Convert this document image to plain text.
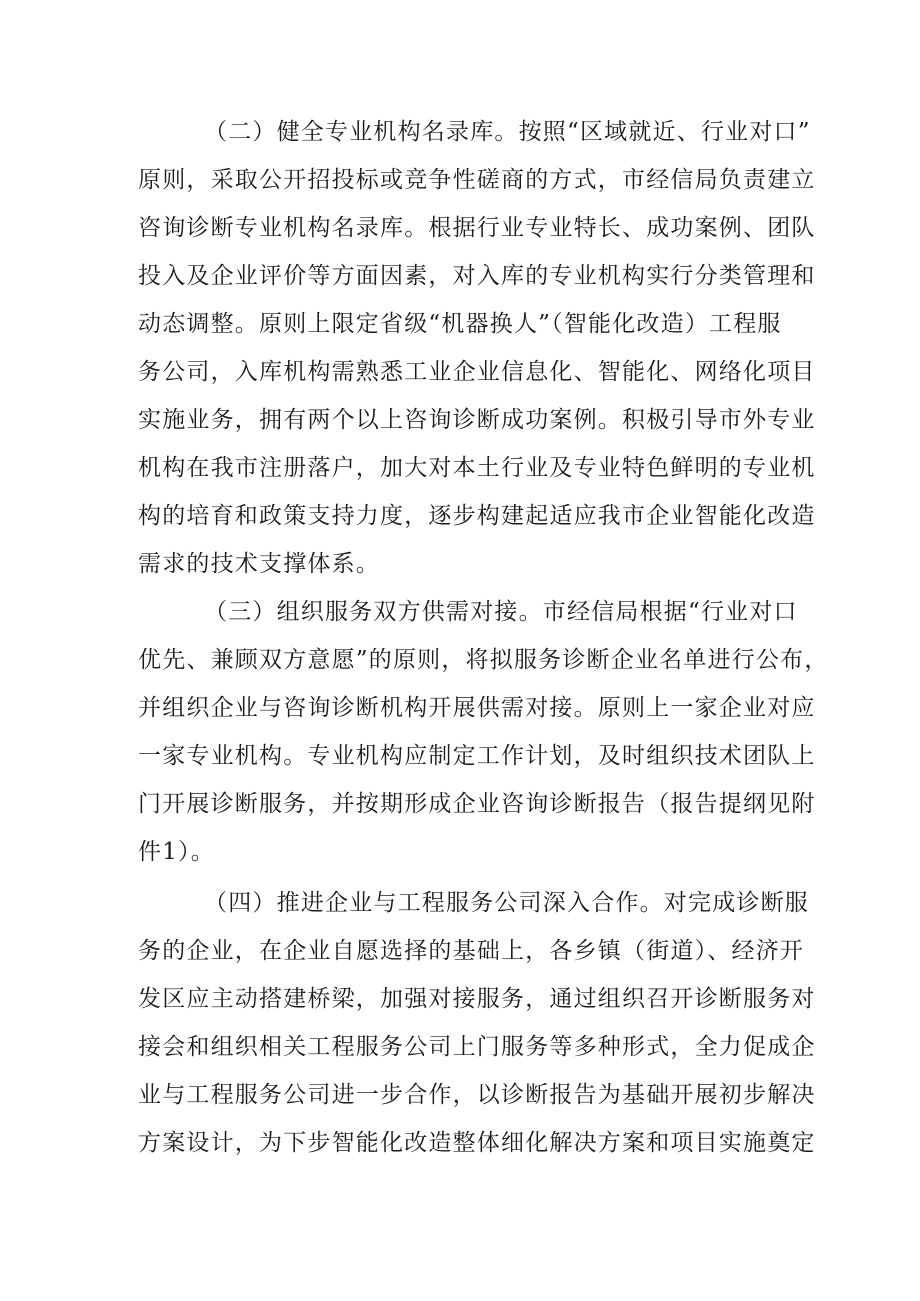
（二）健全专业机构名录库。按照“区域就近、行业对口”
原则，采取公开招投标或竞争性磋商的方式，市经信局负责建立
咨询诊断专业机构名录库。根据行业专业特长、成功案例、团队
投入及企业评价等方面因素，对入库的专业机构实行分类管理和
动态调整。原则上限定省级“机器换人”（智能化改造）工程服
务公司，入库机构需熟悉工业企业信息化、智能化、网络化项目
实施业务，拥有两个以上咨询诊断成功案例。积极引导市外专业
机构在我市注册落户，加大对本土行业及专业特色鲜明的专业机
构的培育和政策支持力度，逐步构建起适应我市企业智能化改造
需求的技术支撑体系。

（三）组织服务双方供需对接。市经信局根据“行业对口
优先、兼顾双方意愿”的原则，将拟服务诊断企业名单进行公布，
并组织企业与咨询诊断机构开展供需对接。原则上一家企业对应
一家专业机构。专业机构应制定工作计划，及时组织技术团队上
门开展诊断服务，并按期形成企业咨询诊断报告（报告提纲见附
件1）。

（四）推进企业与工程服务公司深入合作。对完成诊断服
务的企业，在企业自愿选择的基础上，各乡镇（街道）、经济开
发区应主动搭建桥梁，加强对接服务，通过组织召开诊断服务对
接会和组织相关工程服务公司上门服务等多种形式，全力促成企
业与工程服务公司进一步合作，以诊断报告为基础开展初步解决
方案设计，为下步智能化改造整体细化解决方案和项目实施奠定
